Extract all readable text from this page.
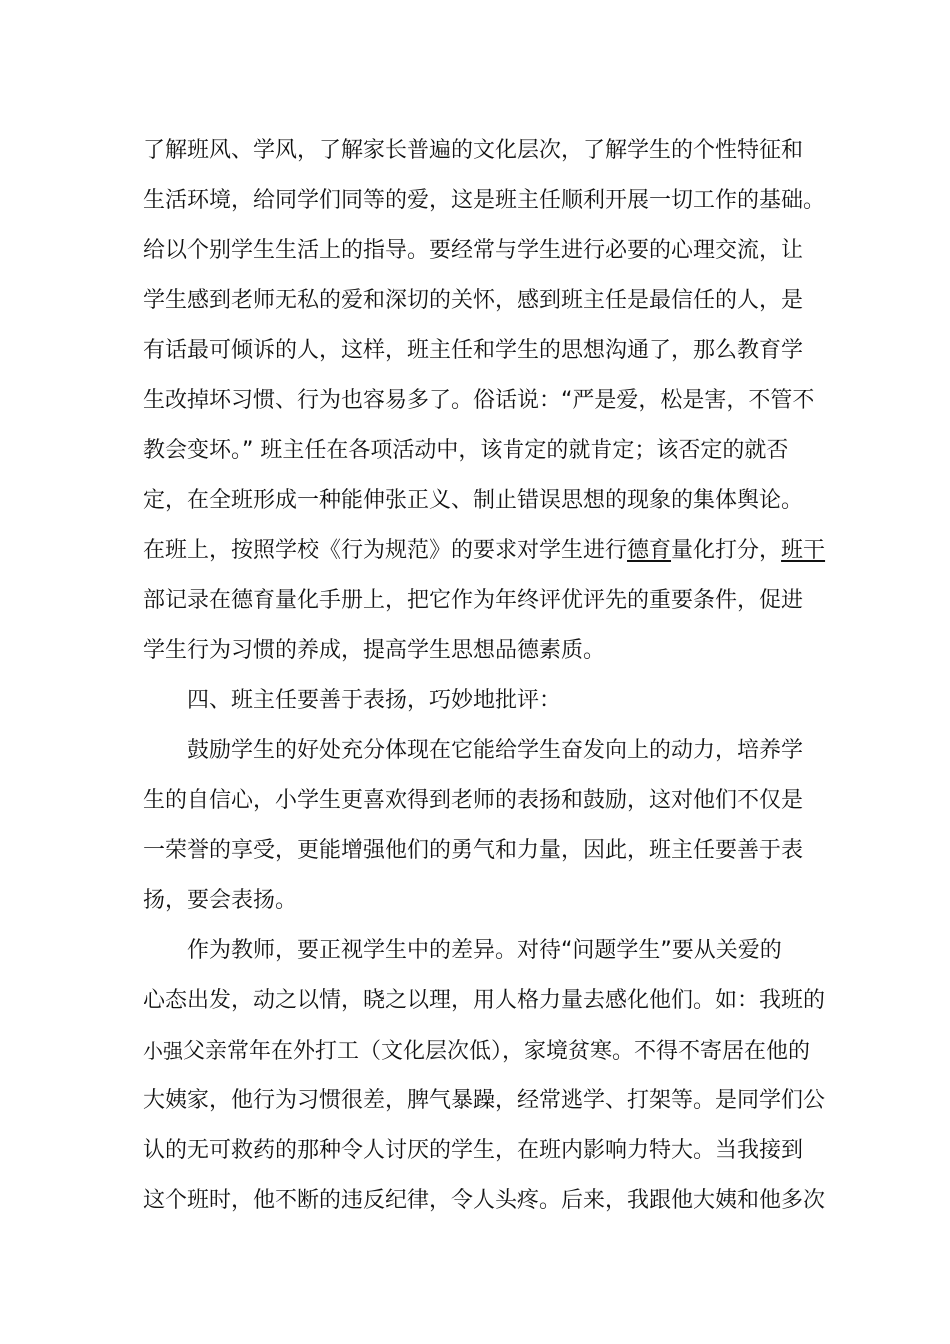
了解班风、学风，了解家长普遍的文化层次，了解学生的个性特征和
生活环境，给同学们同等的爱，这是班主任顺利开展一切工作的基础。
给以个别学生生活上的指导。要经常与学生进行必要的心理交流，让
学生感到老师无私的爱和深切的关怀，感到班主任是最信任的人，是
有话最可倾诉的人，这样，班主任和学生的思想沟通了，那么教育学
生改掉坏习惯、行为也容易多了。俗话说：“严是爱，松是害，不管不
教会变坏。” 班主任在各项活动中，该肯定的就肯定；该否定的就否
定，在全班形成一种能伸张正义、制止错误思想的现象的集体舆论。
在班上，按照学校《行为规范》的要求对学生进行德育量化打分，班干
部记录在德育量化手册上，把它作为年终评优评先的重要条件，促进
学生行为习惯的养成，提高学生思想品德素质。
四、班主任要善于表扬，巧妙地批评：
鼓励学生的好处充分体现在它能给学生奋发向上的动力，培养学
生的自信心，小学生更喜欢得到老师的表扬和鼓励，这对他们不仅是
一荣誉的享受，更能增强他们的勇气和力量，因此，班主任要善于表
扬，要会表扬。
作为教师，要正视学生中的差异。对待“问题学生”要从关爱的
心态出发，动之以情，晓之以理，用人格力量去感化他们。如：我班的
小强父亲常年在外打工（文化层次低），家境贫寒。不得不寄居在他的
大姨家，他行为习惯很差，脾气暴躁，经常逃学、打架等。是同学们公
认的无可救药的那种令人讨厌的学生，在班内影响力特大。当我接到
这个班时，他不断的违反纪律，令人头疼。后来，我跟他大姨和他多次
